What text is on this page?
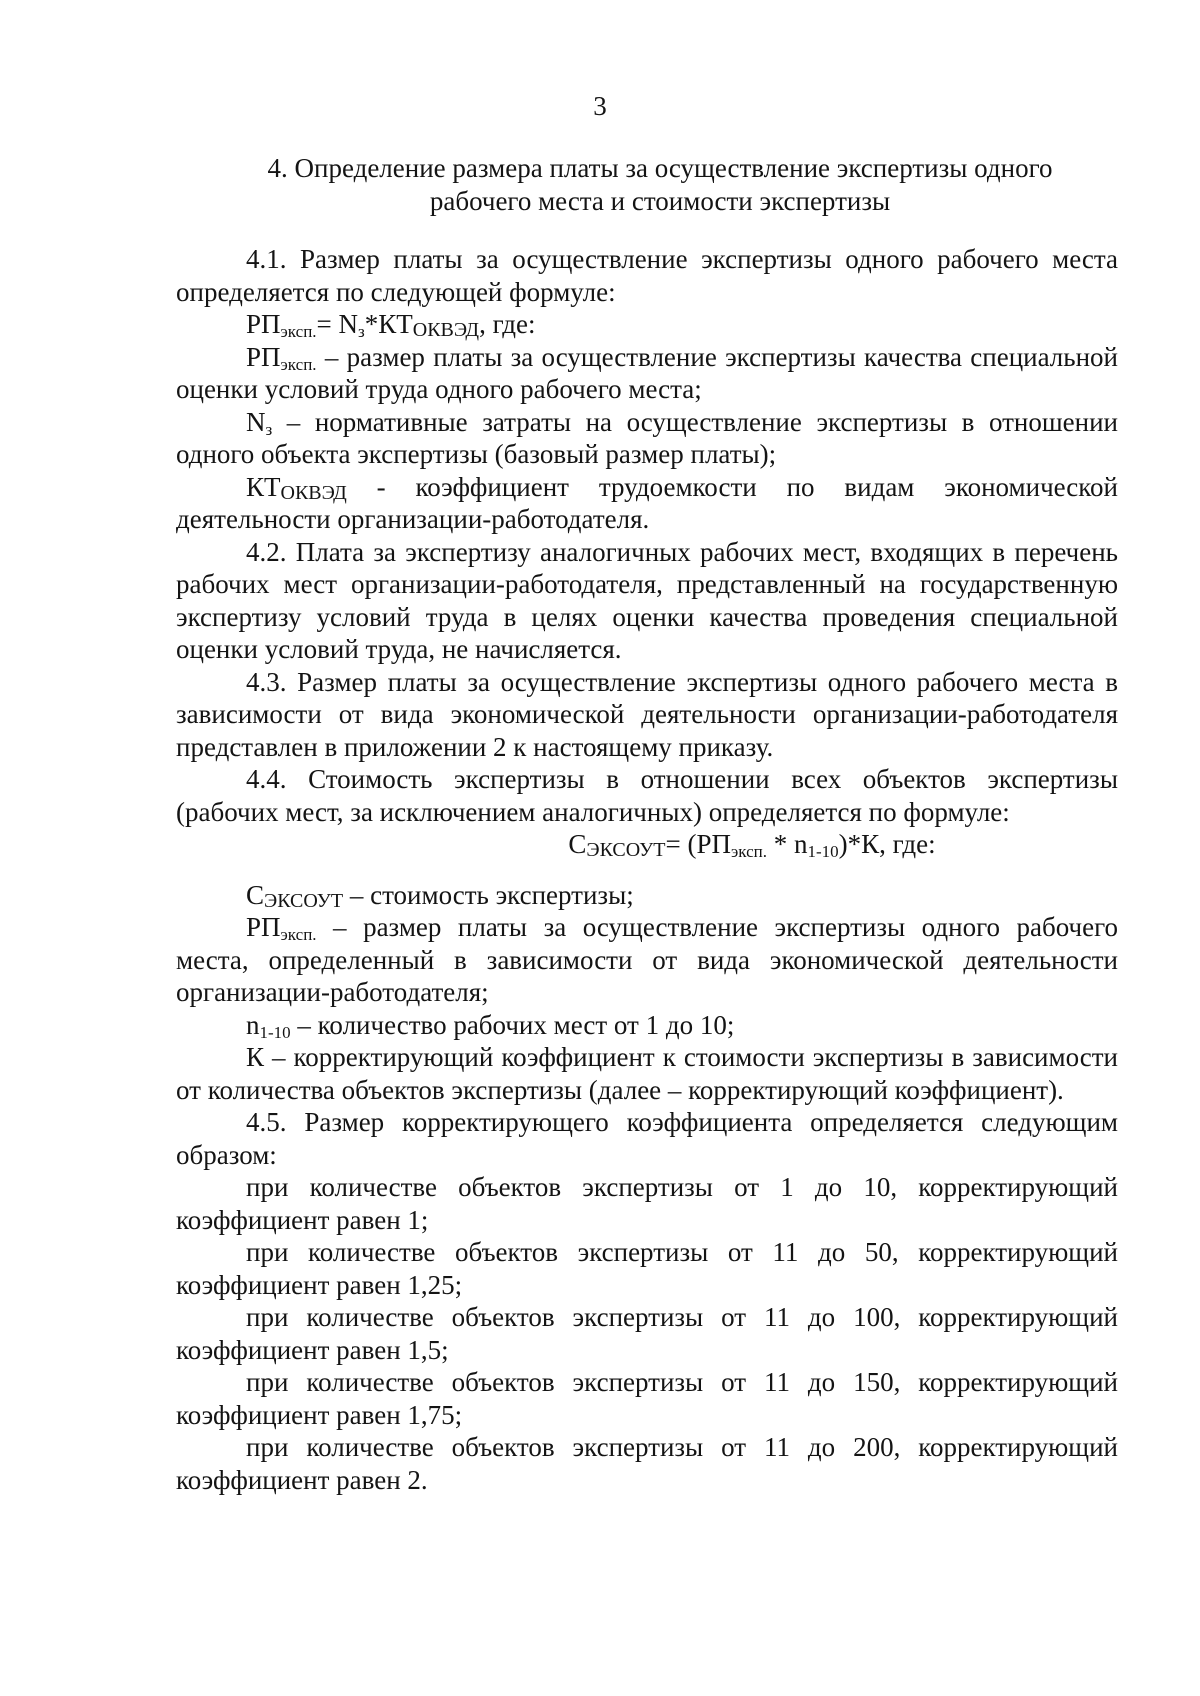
3
4. Определение размера платы за осуществление экспертизы одного
рабочего места и стоимости экспертизы

4.1. Размер платы за осуществление экспертизы одного рабочего места определяется по следующей формуле:

$РП_{эксп.}= N_з*КТ_{ОКВЭД}$, где:

$РП_{эксп.}$ – размер платы за осуществление экспертизы качества специальной оценки условий труда одного рабочего места;

$N_з$ – нормативные затраты на осуществление экспертизы в отношении одного объекта экспертизы (базовый размер платы);

$КТ_{ОКВЭД}$ - коэффициент трудоемкости по видам экономической деятельности организации-работодателя.

4.2. Плата за экспертизу аналогичных рабочих мест, входящих в перечень рабочих мест организации-работодателя, представленный на государственную экспертизу условий труда в целях оценки качества проведения специальной оценки условий труда, не начисляется.

4.3. Размер платы за осуществление экспертизы одного рабочего места в зависимости от вида экономической деятельности организации-работодателя представлен в приложении 2 к настоящему приказу.

4.4. Стоимость экспертизы в отношении всех объектов экспертизы (рабочих мест, за исключением аналогичных) определяется по формуле:

$С_{ЭКСОУТ}= (РП_{эксп.} * n_{1-10})*К$, где:

$С_{ЭКСОУТ}$ – стоимость экспертизы;

$РП_{эксп.}$ – размер платы за осуществление экспертизы одного рабочего места, определенный в зависимости от вида экономической деятельности организации-работодателя;

$n_{1-10}$ – количество рабочих мест от 1 до 10;

К – корректирующий коэффициент к стоимости экспертизы в зависимости от количества объектов экспертизы (далее – корректирующий коэффициент).

4.5. Размер корректирующего коэффициента определяется следующим образом:

при количестве объектов экспертизы от 1 до 10, корректирующий коэффициент равен 1;

при количестве объектов экспертизы от 11 до 50, корректирующий коэффициент равен 1,25;

при количестве объектов экспертизы от 11 до 100, корректирующий коэффициент равен 1,5;

при количестве объектов экспертизы от 11 до 150, корректирующий коэффициент равен 1,75;

при количестве объектов экспертизы от 11 до 200, корректирующий коэффициент равен 2.
